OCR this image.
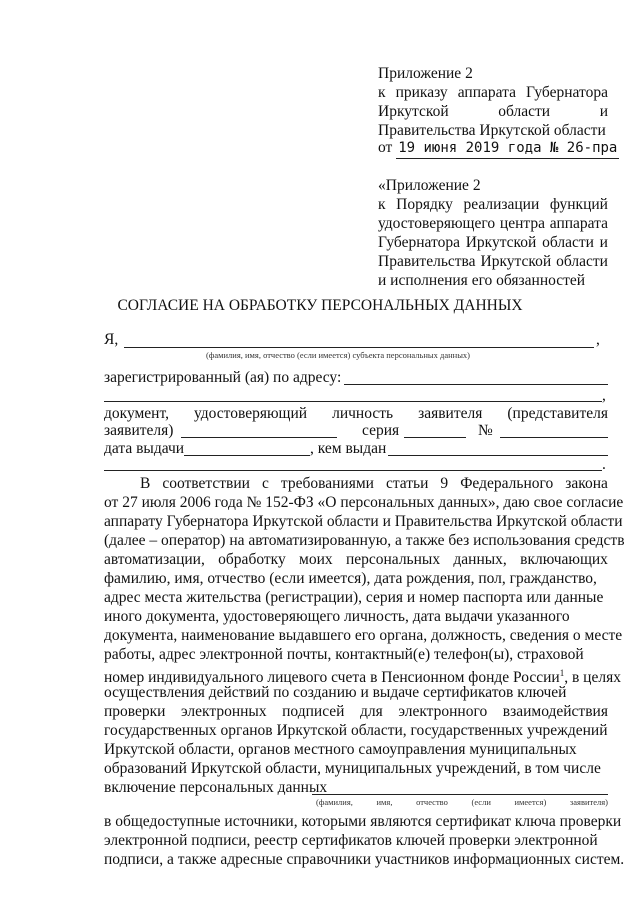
Приложение 2
к приказу аппарата Губернатора
Иркутской	области	и
Правительства Иркутской области
от 19 июня 2019 года № 26-пра
«Приложение 2
к Порядку реализации функций
удостоверяющего центра аппарата
Губернатора Иркутской области и
Правительства Иркутской области
и исполнения его обязанностей
СОГЛАСИЕ НА ОБРАБОТКУ ПЕРСОНАЛЬНЫХ ДАННЫХ
Я,	,
(фамилия, имя, отчество (если имеется) субъекта персональных данных)
зарегистрированный (ая) по адресу:
,
документ, удостоверяющий личность заявителя (представителя
заявителя)	серия	№
дата выдачи	, кем выдан
.
В соответствии с требованиями статьи 9 Федерального закона
от 27 июля 2006 года № 152-ФЗ «О персональных данных», даю свое согласие
аппарату Губернатора Иркутской области и Правительства Иркутской области
(далее – оператор) на автоматизированную, а также без использования средств
автоматизации, обработку моих персональных данных, включающих
фамилию, имя, отчество (если имеется), дата рождения, пол, гражданство,
адрес места жительства (регистрации), серия и номер паспорта или данные
иного документа, удостоверяющего личность, дата выдачи указанного
документа, наименование выдавшего его органа, должность, сведения о месте
работы, адрес электронной почты, контактный(е) телефон(ы), страховой
номер индивидуального лицевого счета в Пенсионном фонде России$^1$, в целях
осуществления действий по созданию и выдаче сертификатов ключей
проверки электронных подписей для электронного взаимодействия
государственных органов Иркутской области, государственных учреждений
Иркутской области, органов местного самоуправления муниципальных
образований Иркутской области, муниципальных учреждений, в том числе
включение персональных данных
(фамилия,	имя,	отчество	(если	имеется)	заявителя)
в общедоступные источники, которыми являются сертификат ключа проверки
электронной подписи, реестр сертификатов ключей проверки электронной
подписи, а также адресные справочники участников информационных систем.
